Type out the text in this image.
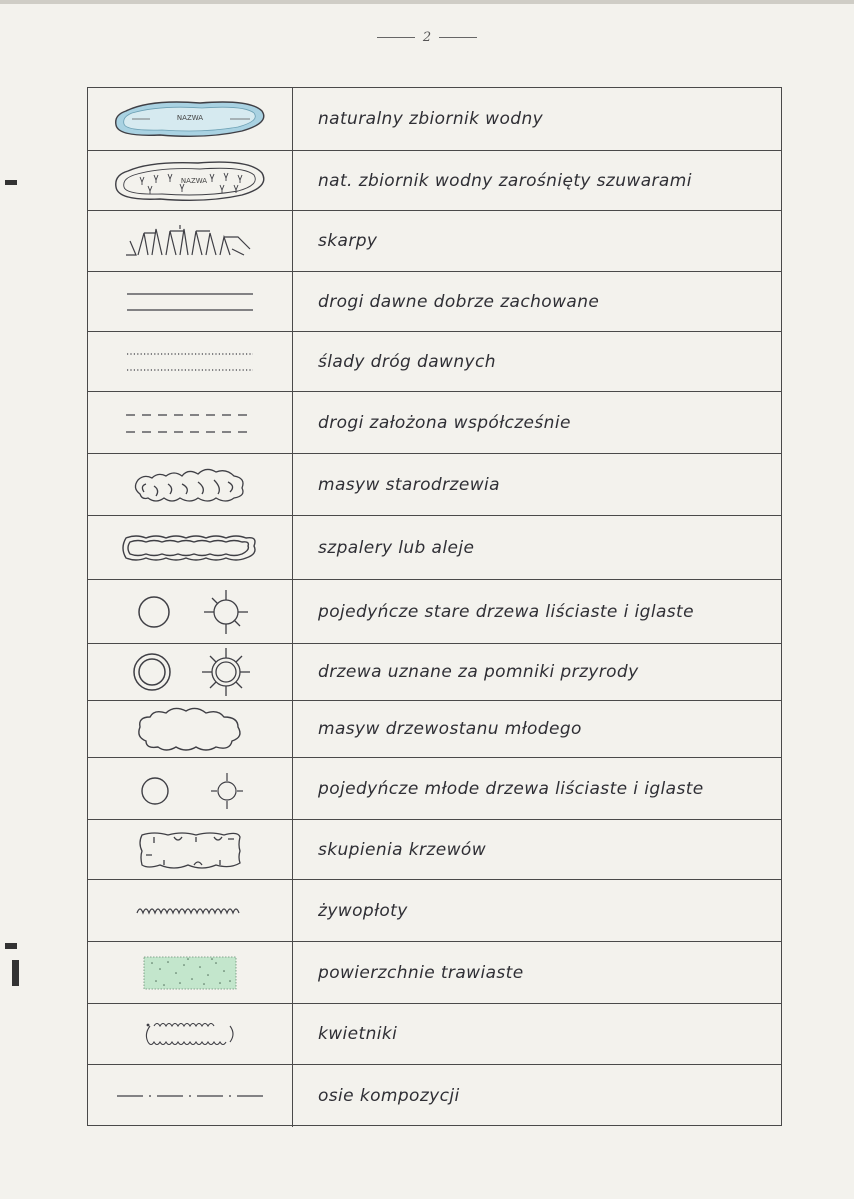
2
NAZWA	naturalny zbiornik wodny
NAZWA	nat. zbiornik wodny zarośnięty szuwarami
skarpy
drogi dawne dobrze zachowane
ślady dróg dawnych
drogi założona współcześnie
masyw starodrzewia
szpalery lub aleje
pojedyńcze stare drzewa liściaste i iglaste
drzewa uznane za pomniki przyrody
masyw drzewostanu młodego
pojedyńcze młode drzewa liściaste i iglaste
skupienia krzewów
żywopłoty
powierzchnie trawiaste
kwietniki
osie kompozycji
